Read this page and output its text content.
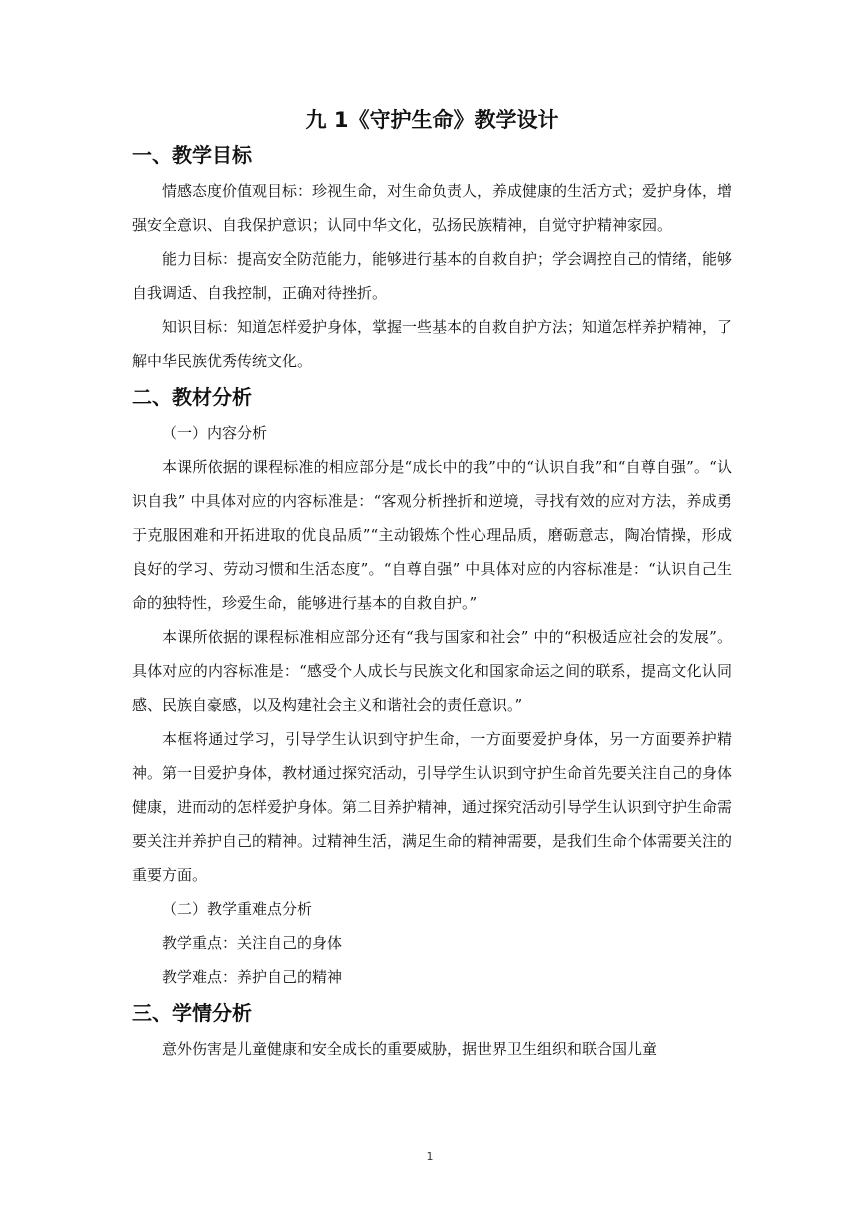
九 1《守护生命》教学设计
一、教学目标

情感态度价值观目标：珍视生命，对生命负责人，养成健康的生活方式；爱护身体，增强安全意识、自我保护意识；认同中华文化，弘扬民族精神，自觉守护精神家园。

能力目标：提高安全防范能力，能够进行基本的自救自护；学会调控自己的情绪，能够自我调适、自我控制，正确对待挫折。

知识目标：知道怎样爱护身体，掌握一些基本的自救自护方法；知道怎样养护精神，了解中华民族优秀传统文化。

二、教材分析

（一）内容分析

本课所依据的课程标准的相应部分是“成长中的我”中的“认识自我”和“自尊自强”。“认识自我” 中具体对应的内容标准是：“客观分析挫折和逆境，寻找有效的应对方法，养成勇于克服困难和开拓进取的优良品质”“主动锻炼个性心理品质，磨砺意志，陶冶情操，形成良好的学习、劳动习惯和生活态度”。“自尊自强” 中具体对应的内容标准是：“认识自己生命的独特性，珍爱生命，能够进行基本的自救自护。”

本课所依据的课程标准相应部分还有“我与国家和社会” 中的“积极适应社会的发展”。具体对应的内容标准是：“感受个人成长与民族文化和国家命运之间的联系，提高文化认同感、民族自豪感，以及构建社会主义和谐社会的责任意识。”

本框将通过学习，引导学生认识到守护生命，一方面要爱护身体，另一方面要养护精神。第一目爱护身体，教材通过探究活动，引导学生认识到守护生命首先要关注自己的身体健康，进而动的怎样爱护身体。第二目养护精神，通过探究活动引导学生认识到守护生命需要关注并养护自己的精神。过精神生活，满足生命的精神需要，是我们生命个体需要关注的重要方面。

（二）教学重难点分析

教学重点：关注自己的身体

教学难点：养护自己的精神

三、学情分析

意外伤害是儿童健康和安全成长的重要威胁，据世界卫生组织和联合国儿童

1
